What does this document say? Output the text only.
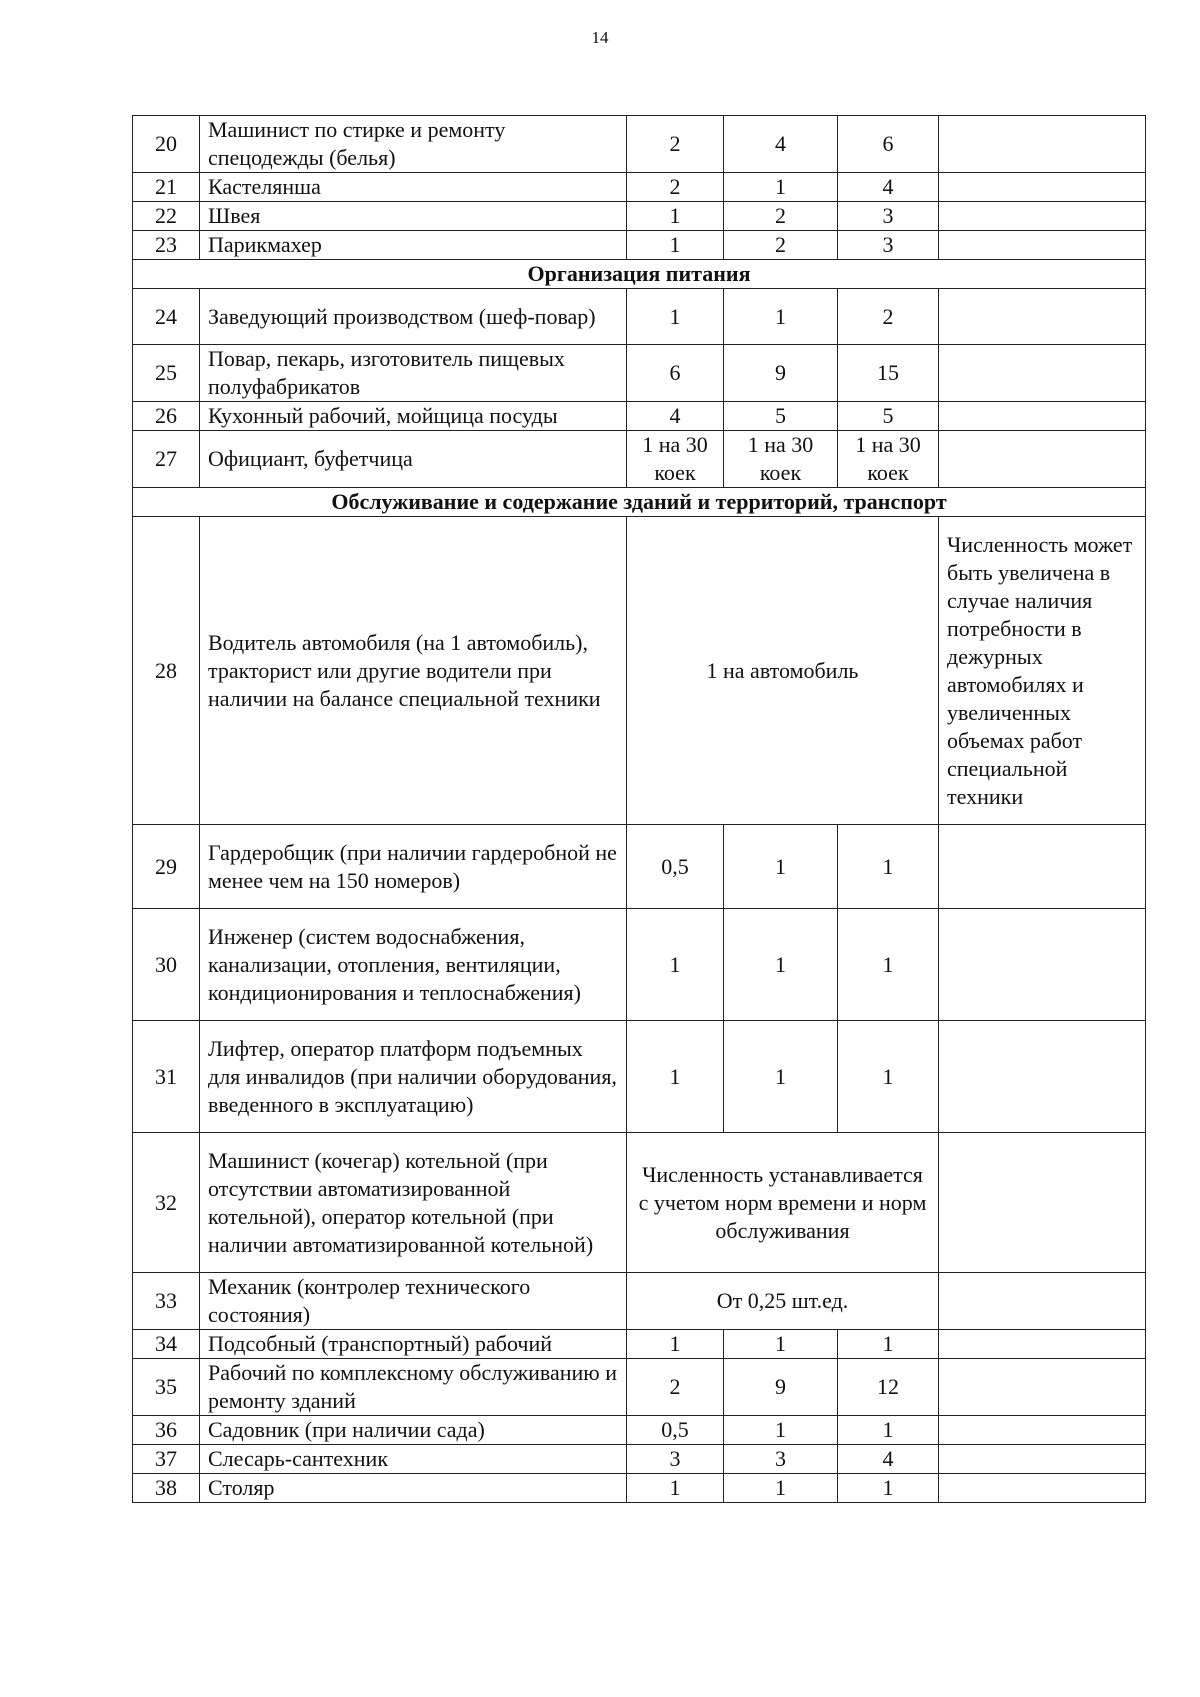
14
20	Машинист по стирке и ремонту спецодежды (белья)	2	4	6	
21	Кастелянша	2	1	4	
22	Швея	1	2	3	
23	Парикмахер	1	2	3	
Организация питания					
24	Заведующий производством (шеф-повар)	1	1	2	
25	Повар, пекарь, изготовитель пищевых полуфабрикатов	6	9	15	
26	Кухонный рабочий, мойщица посуды	4	5	5	
27	Официант, буфетчица	1 на 30 коек	1 на 30 коек	1 на 30 коек	
Обслуживание и содержание зданий и территорий, транспорт					
28	Водитель автомобиля (на 1 автомобиль), тракторист или другие водители при наличии на балансе специальной техники	1 на автомобиль			Численность может быть увеличена в случае наличия потребности в дежурных автомобилях и увеличенных объемах работ специальной техники
29	Гардеробщик (при наличии гардеробной не менее чем на 150 номеров)	0,5	1	1	
30	Инженер (систем водоснабжения, канализации, отопления, вентиляции, кондиционирования и теплоснабжения)	1	1	1	
31	Лифтер, оператор платформ подъемных для инвалидов (при наличии оборудования, введенного в эксплуатацию)	1	1	1	
32	Машинист (кочегар) котельной (при отсутствии автоматизированной котельной), оператор котельной (при наличии автоматизированной котельной)	Численность устанавливается с учетом норм времени и норм обслуживания			
33	Механик (контролер технического состояния)	От 0,25 шт.ед.			
34	Подсобный (транспортный) рабочий	1	1	1	
35	Рабочий по комплексному обслуживанию и ремонту зданий	2	9	12	
36	Садовник (при наличии сада)	0,5	1	1	
37	Слесарь-сантехник	3	3	4	
38	Столяр	1	1	1	
